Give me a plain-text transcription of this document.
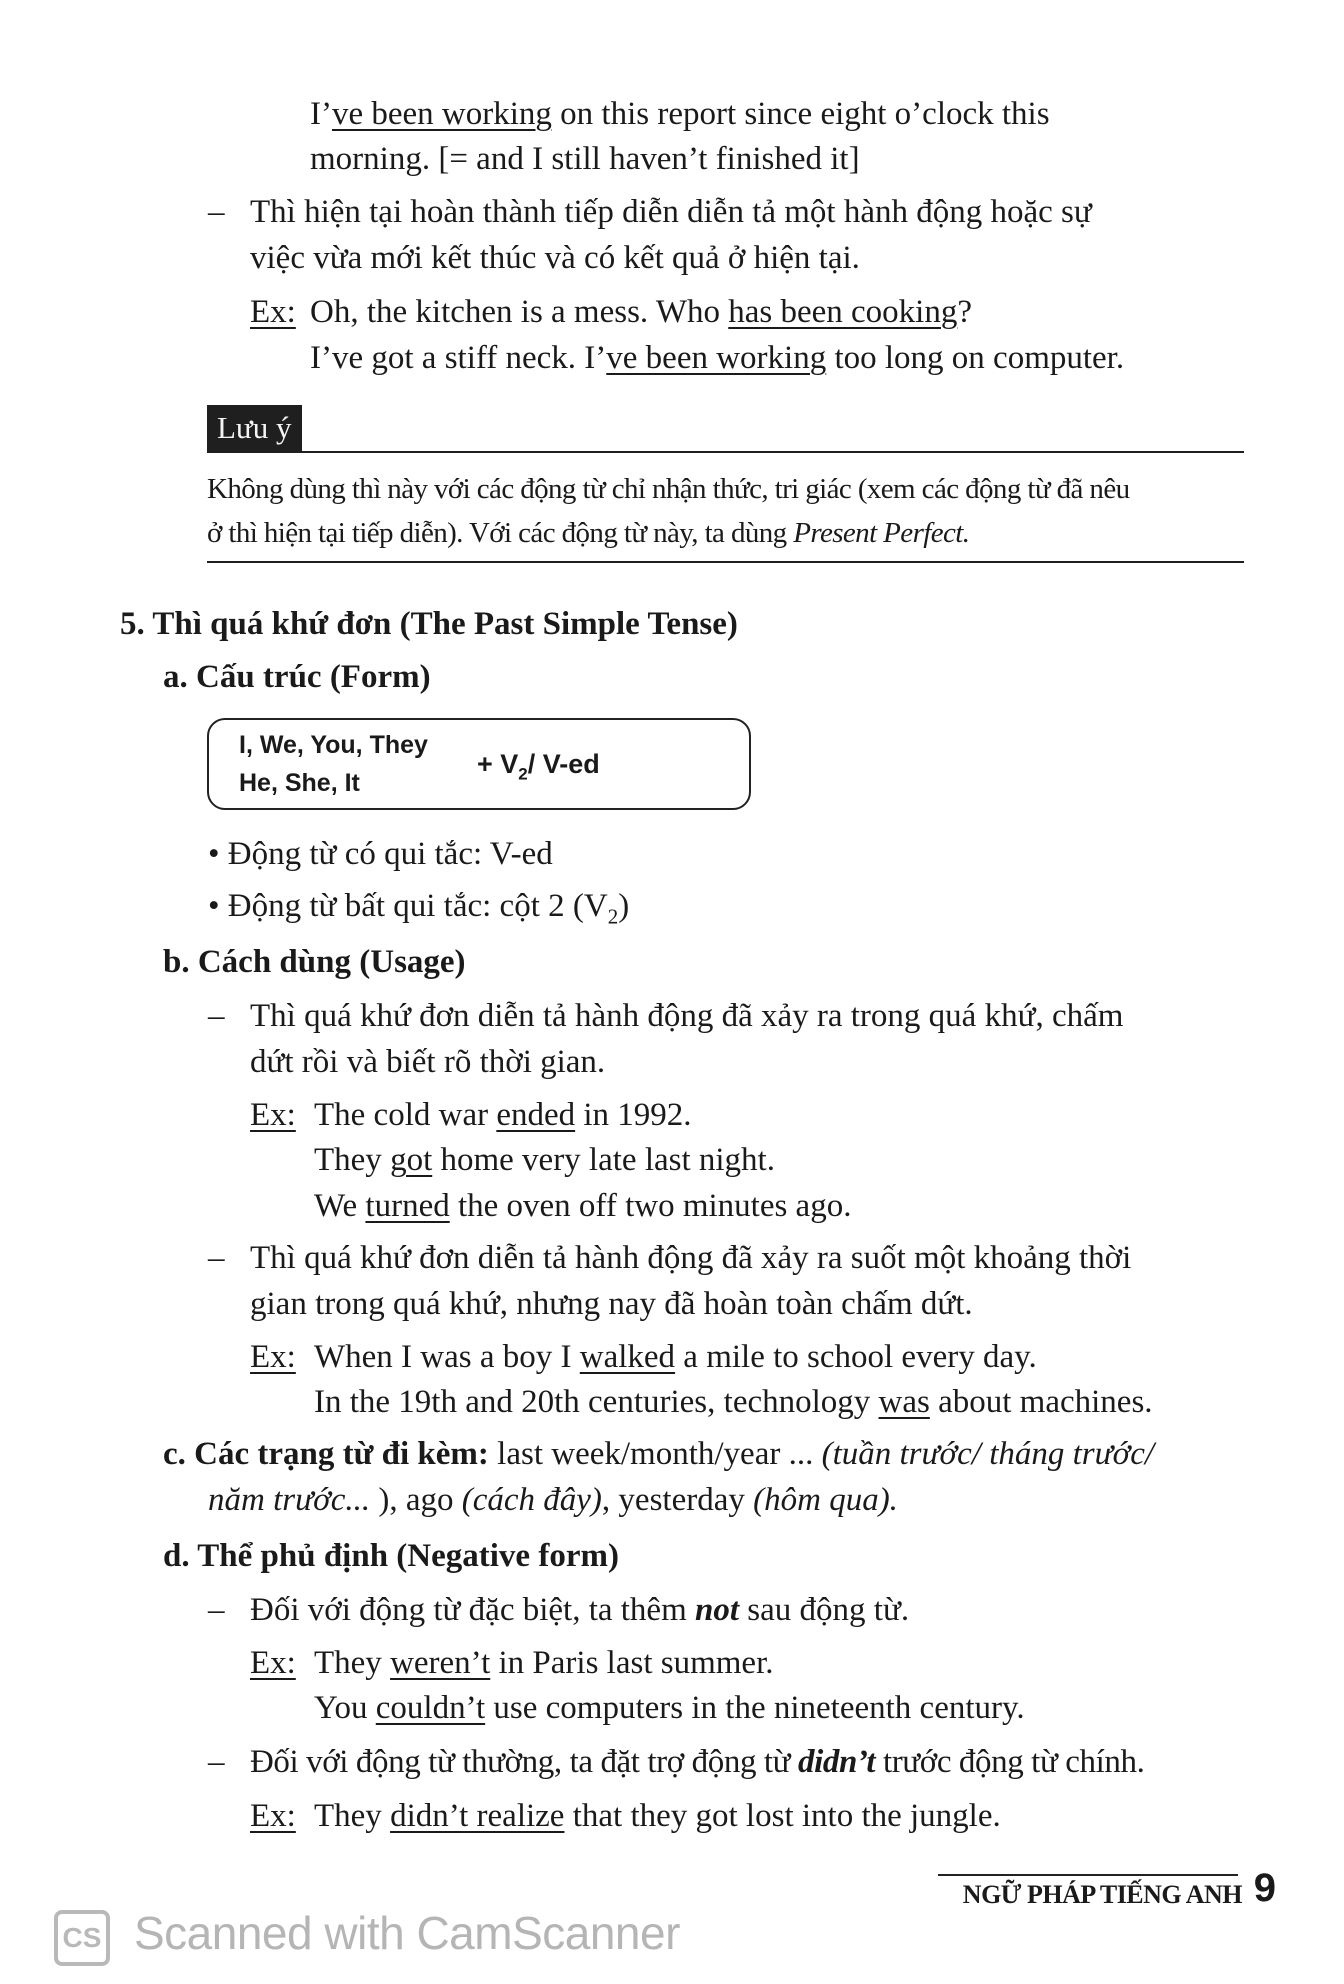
I’ve been working on this report since eight o’clock this
morning. [= and I still haven’t finished it]
– Thì hiện tại hoàn thành tiếp diễn diễn tả một hành động hoặc sự
việc vừa mới kết thúc và có kết quả ở hiện tại.
Ex: Oh, the kitchen is a mess. Who has been cooking?
I’ve got a stiff neck. I’ve been working too long on computer.
Lưu ý
Không dùng thì này với các động từ chỉ nhận thức, tri giác (xem các động từ đã nêu
ở thì hiện tại tiếp diễn). Với các động từ này, ta dùng Present Perfect.
5. Thì quá khứ đơn (The Past Simple Tense)
a. Cấu trúc (Form)
I, We, You, They
He, She, It
+ $V_2/$ V-ed
• Động từ có qui tắc: V-ed
• Động từ bất qui tắc: cột 2 $(V_2)$
b. Cách dùng (Usage)
– Thì quá khứ đơn diễn tả hành động đã xảy ra trong quá khứ, chấm
dứt rồi và biết rõ thời gian.
Ex: The cold war ended in 1992.
They got home very late last night.
We turned the oven off two minutes ago.
– Thì quá khứ đơn diễn tả hành động đã xảy ra suốt một khoảng thời
gian trong quá khứ, nhưng nay đã hoàn toàn chấm dứt.
Ex: When I was a boy I walked a mile to school every day.
In the 19th and 20th centuries, technology was about machines.
c. Các trạng từ đi kèm: last week/month/year ... (tuần trước/ tháng trước/
năm trước... ), ago (cách đây), yesterday (hôm qua).
d. Thể phủ định (Negative form)
– Đối với động từ đặc biệt, ta thêm not sau động từ.
Ex: They weren’t in Paris last summer.
You couldn’t use computers in the nineteenth century.
– Đối với động từ thường, ta đặt trợ động từ didn’t trước động từ chính.
Ex: They didn’t realize that they got lost into the jungle.
NGỮ PHÁP TIẾNG ANH 9
CS Scanned with CamScanner
